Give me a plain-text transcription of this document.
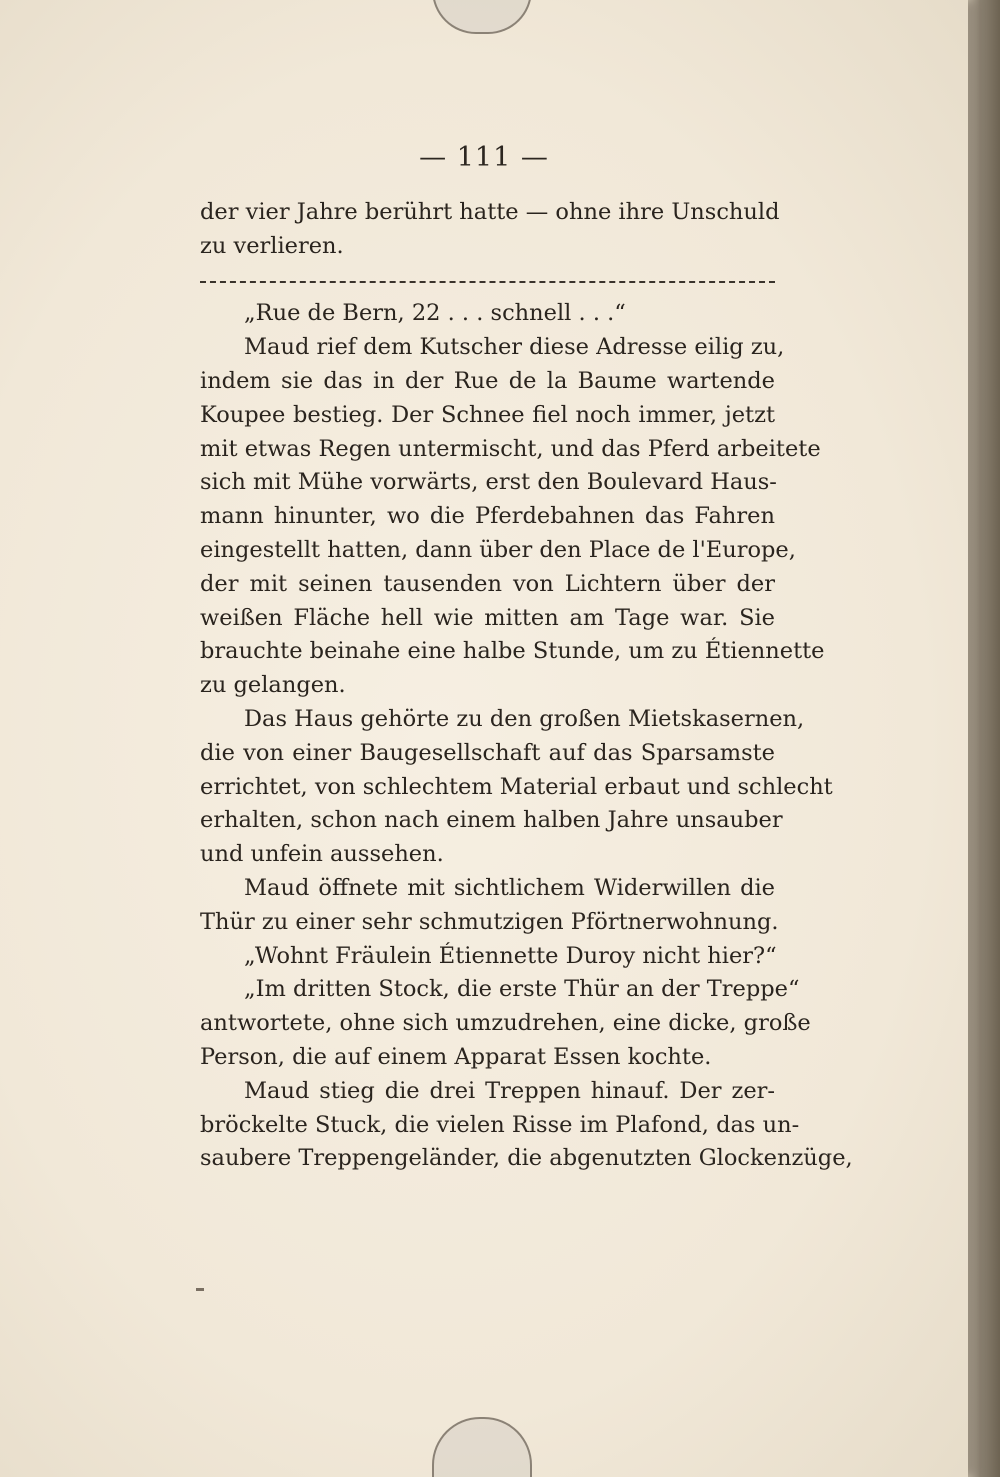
— 111 —
der vier Jahre berührt hatte — ohne ihre Unschuld
zu verlieren.
„Rue de Bern, 22 . . . schnell . . .“
Maud rief dem Kutscher diese Adresse eilig zu,
indem sie das in der Rue de la Baume wartende
Koupee bestieg. Der Schnee fiel noch immer, jetzt
mit etwas Regen untermischt, und das Pferd arbeitete
sich mit Mühe vorwärts, erst den Boulevard Haus-
mann hinunter, wo die Pferdebahnen das Fahren
eingestellt hatten, dann über den Place de l'Europe,
der mit seinen tausenden von Lichtern über der
weißen Fläche hell wie mitten am Tage war. Sie
brauchte beinahe eine halbe Stunde, um zu Étiennette
zu gelangen.
Das Haus gehörte zu den großen Mietskasernen,
die von einer Baugesellschaft auf das Sparsamste
errichtet, von schlechtem Material erbaut und schlecht
erhalten, schon nach einem halben Jahre unsauber
und unfein aussehen.
Maud öffnete mit sichtlichem Widerwillen die
Thür zu einer sehr schmutzigen Pförtnerwohnung.
„Wohnt Fräulein Étiennette Duroy nicht hier?“
„Im dritten Stock, die erste Thür an der Treppe“
antwortete, ohne sich umzudrehen, eine dicke, große
Person, die auf einem Apparat Essen kochte.
Maud stieg die drei Treppen hinauf. Der zer-
bröckelte Stuck, die vielen Risse im Plafond, das un-
saubere Treppengeländer, die abgenutzten Glockenzüge,
